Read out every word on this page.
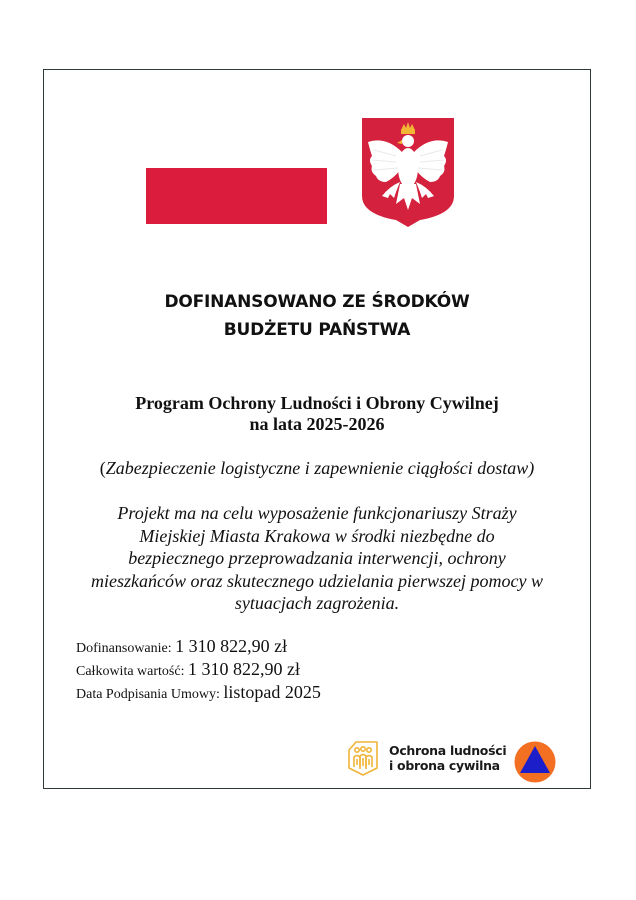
DOFINANSOWANO ZE ŚRODKÓW
BUDŻETU PAŃSTWA
Program Ochrony Ludności i Obrony Cywilnej
na lata 2025-2026
(Zabezpieczenie logistyczne i zapewnienie ciągłości dostaw)
Projekt ma na celu wyposażenie funkcjonariuszy Straży
Miejskiej Miasta Krakowa w środki niezbędne do
bezpiecznego przeprowadzania interwencji, ochrony
mieszkańców oraz skutecznego udzielania pierwszej pomocy w
sytuacjach zagrożenia.
Dofinansowanie: 1 310 822,90 zł
Całkowita wartość: 1 310 822,90 zł
Data Podpisania Umowy: listopad 2025
Ochrona ludności
i obrona cywilna
